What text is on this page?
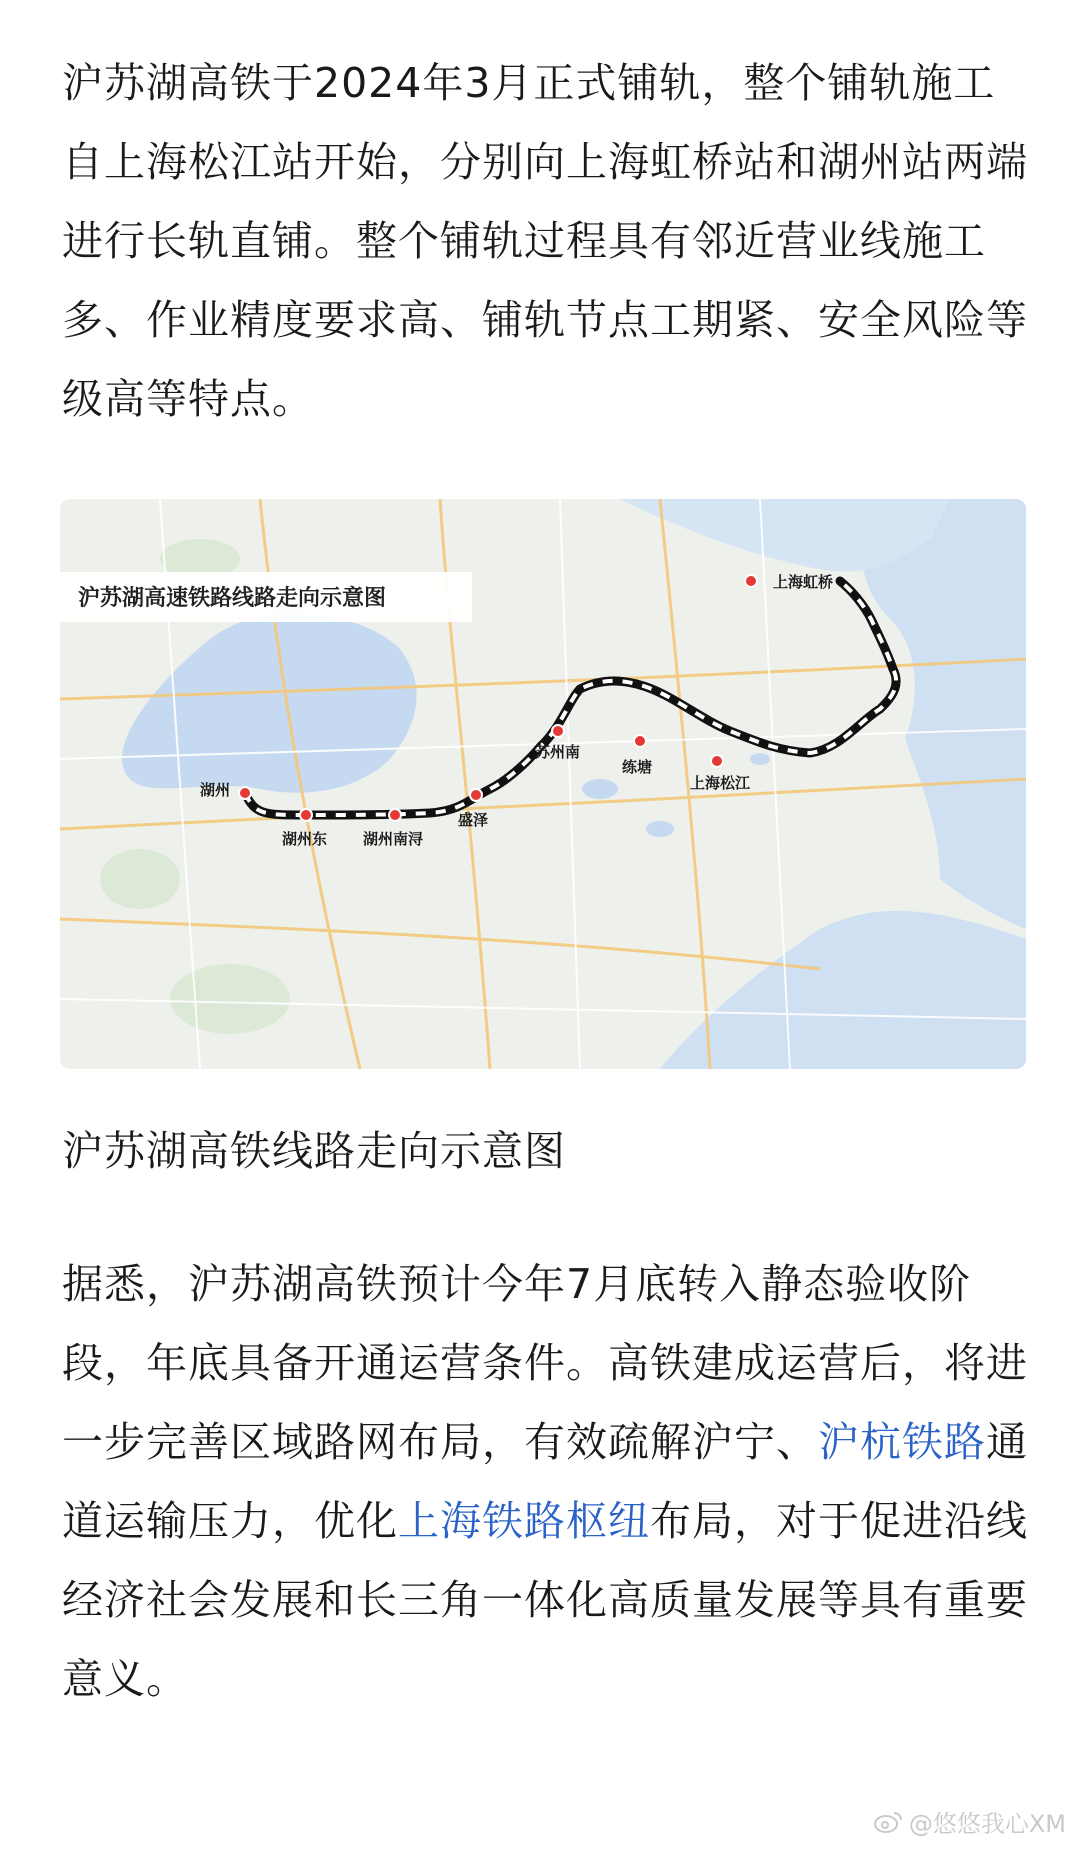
沪苏湖高铁于2024年3月正式铺轨，整个铺轨施工自上海松江站开始，分别向上海虹桥站和湖州站两端进行长轨直铺。整个铺轨过程具有邻近营业线施工多、作业精度要求高、铺轨节点工期紧、安全风险等级高等特点。

沪苏湖高速铁路线路走向示意图
湖州
湖州东 湖州南浔
盛泽
苏州南
练塘
上海松江
上海虹桥

沪苏湖高铁线路走向示意图

据悉，沪苏湖高铁预计今年7月底转入静态验收阶段，年底具备开通运营条件。高铁建成运营后，将进一步完善区域路网布局，有效疏解沪宁、沪杭铁路通道运输压力，优化上海铁路枢纽布局，对于促进沿线经济社会发展和长三角一体化高质量发展等具有重要意义。

@悠悠我心XM
